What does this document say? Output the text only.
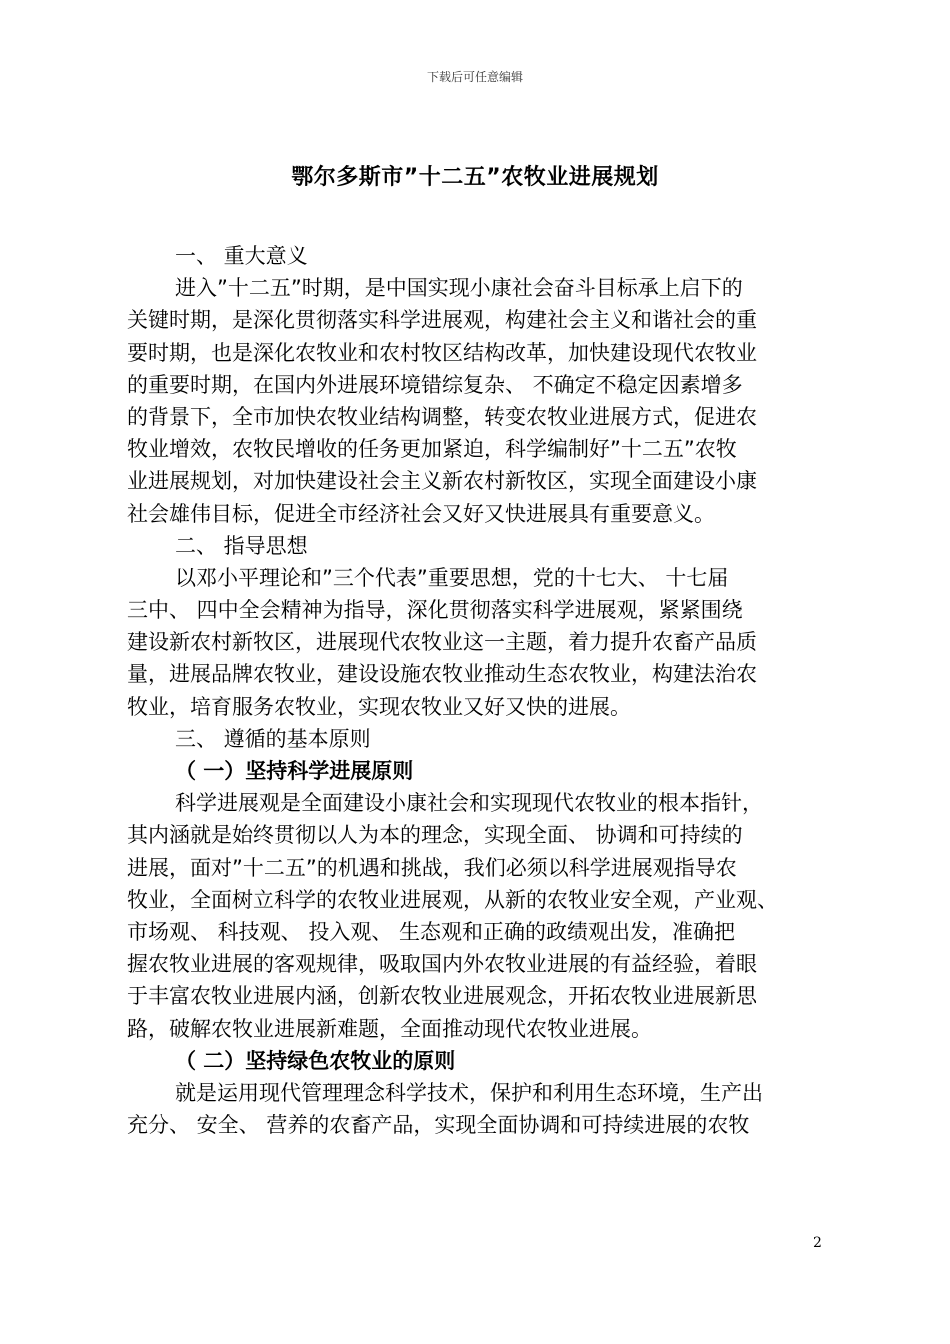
下载后可任意编辑
鄂尔多斯市”十二五”农牧业进展规划
一、 重大意义
进入”十二五”时期，是中国实现小康社会奋斗目标承上启下的
关键时期，是深化贯彻落实科学进展观，构建社会主义和谐社会的重
要时期，也是深化农牧业和农村牧区结构改革，加快建设现代农牧业
的重要时期，在国内外进展环境错综复杂、 不确定不稳定因素增多
的背景下，全市加快农牧业结构调整，转变农牧业进展方式，促进农
牧业增效，农牧民增收的任务更加紧迫，科学编制好”十二五”农牧
业进展规划，对加快建设社会主义新农村新牧区，实现全面建设小康
社会雄伟目标，促进全市经济社会又好又快进展具有重要意义。
二、 指导思想
以邓小平理论和”三个代表”重要思想，党的十七大、 十七届
三中、 四中全会精神为指导，深化贯彻落实科学进展观，紧紧围绕
建设新农村新牧区，进展现代农牧业这一主题，着力提升农畜产品质
量，进展品牌农牧业，建设设施农牧业推动生态农牧业，构建法治农
牧业，培育服务农牧业，实现农牧业又好又快的进展。
三、 遵循的基本原则
（ 一）坚持科学进展原则
科学进展观是全面建设小康社会和实现现代农牧业的根本指针，
其内涵就是始终贯彻以人为本的理念，实现全面、 协调和可持续的
进展，面对”十二五”的机遇和挑战，我们必须以科学进展观指导农
牧业，全面树立科学的农牧业进展观，从新的农牧业安全观，产业观、
市场观、 科技观、 投入观、 生态观和正确的政绩观出发，准确把
握农牧业进展的客观规律，吸取国内外农牧业进展的有益经验，着眼
于丰富农牧业进展内涵，创新农牧业进展观念，开拓农牧业进展新思
路，破解农牧业进展新难题，全面推动现代农牧业进展。
（ 二）坚持绿色农牧业的原则
就是运用现代管理理念科学技术，保护和利用生态环境，生产出
充分、 安全、 营养的农畜产品，实现全面协调和可持续进展的农牧
2
